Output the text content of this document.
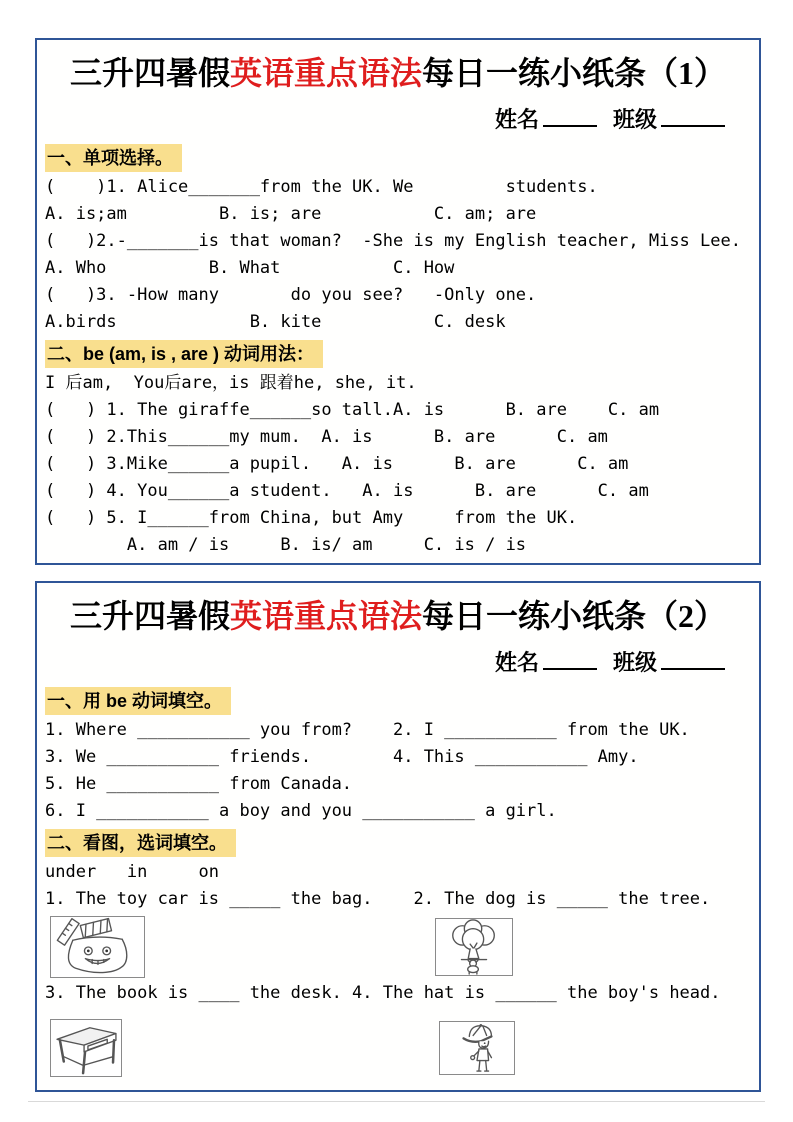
三升四暑假英语重点语法每日一练小纸条（1）
姓名	班级
一、单项选择。
(    )1. Alice_______from the UK. We         students.
A. is;am         B. is; are           C. am; are
(   )2.-_______is that woman?  -She is my English teacher, Miss Lee.
A. Who          B. What           C. How
(   )3. -How many       do you see?   -Only one.
A.birds             B. kite           C. desk
二、be (am, is , are ) 动词用法：
I 后am,  You后are，is 跟着he, she, it.
(   ) 1. The giraffe______so tall.A. is      B. are    C. am
(   ) 2.This______my mum.  A. is      B. are      C. am
(   ) 3.Mike______a pupil.   A. is      B. are      C. am
(   ) 4. You______a student.   A. is      B. are      C. am
(   ) 5. I______from China, but Amy     from the UK.
A. am / is     B. is/ am     C. is / is
三升四暑假英语重点语法每日一练小纸条（2）
姓名	班级
一、用 be 动词填空。
1. Where ___________ you from?    2. I ___________ from the UK.
3. We ___________ friends.        4. This ___________ Amy.
5. He ___________ from Canada.
6. I ___________ a boy and you ___________ a girl.
二、看图，选词填空。
under   in     on
1. The toy car is _____ the bag.    2. The dog is _____ the tree.
3. The book is ____ the desk. 4. The hat is ______ the boy's head.
